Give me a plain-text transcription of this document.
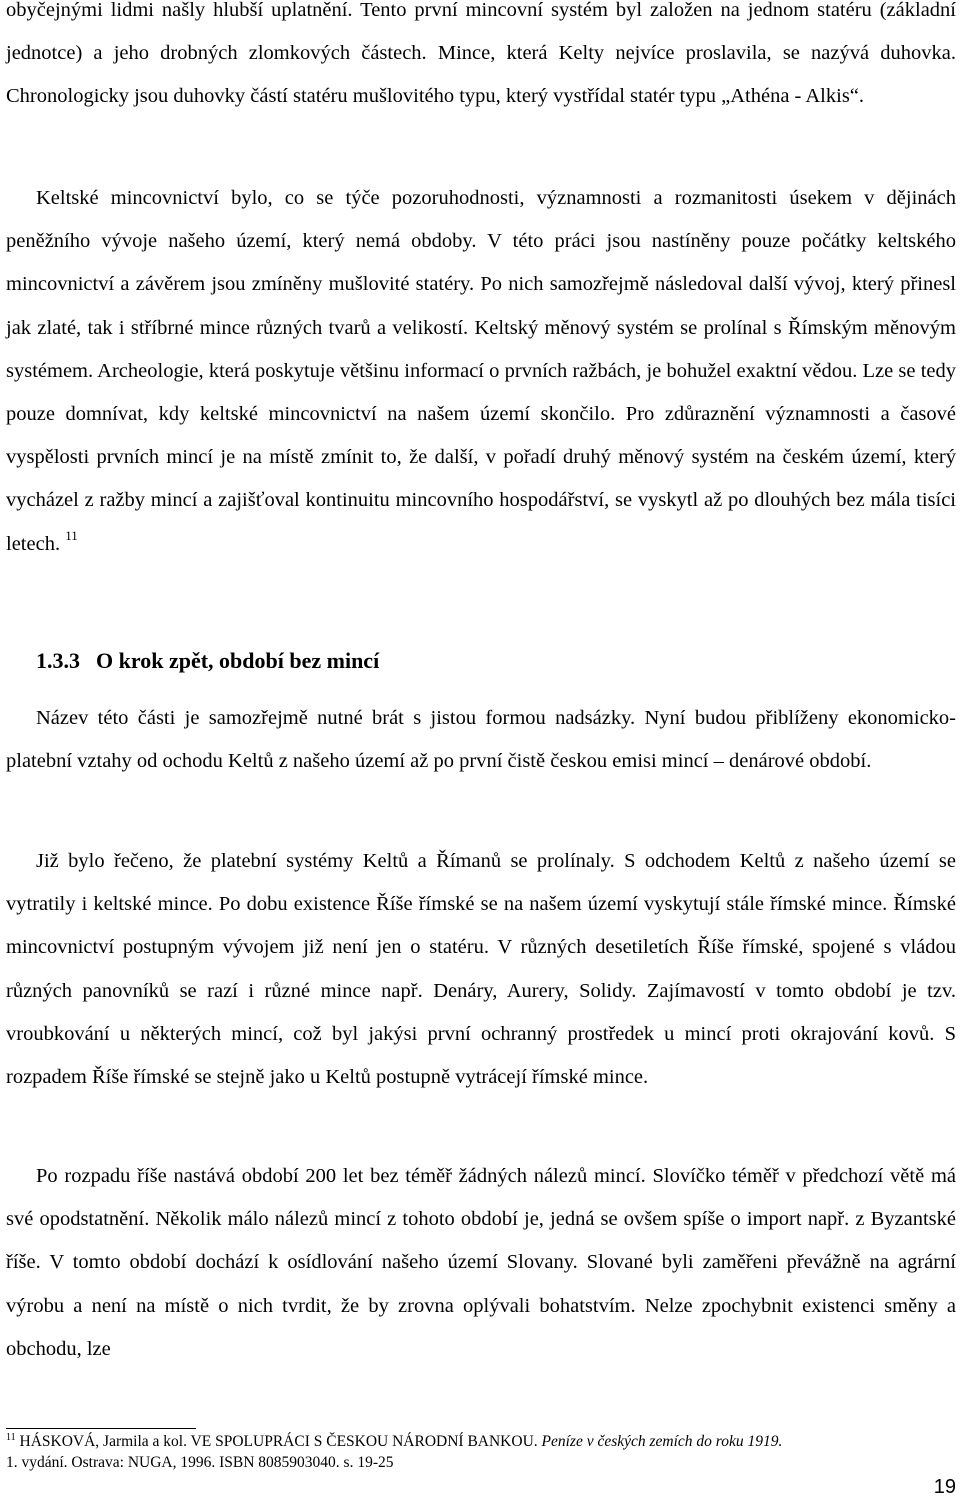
obyčejnými lidmi našly hlubší uplatnění. Tento první mincovní systém byl založen na jednom statéru (základní jednotce) a jeho drobných zlomkových částech. Mince, která Kelty nejvíce proslavila, se nazývá duhovka. Chronologicky jsou duhovky částí statéru mušlovitého typu, který vystřídal statér typu „Athéna - Alkis“.

Keltské mincovnictví bylo, co se týče pozoruhodnosti, významnosti a rozmanitosti úsekem v dějinách peněžního vývoje našeho území, který nemá obdoby. V této práci jsou nastíněny pouze počátky keltského mincovnictví a závěrem jsou zmíněny mušlovité statéry. Po nich samozřejmě následoval další vývoj, který přinesl jak zlaté, tak i stříbrné mince různých tvarů a velikostí. Keltský měnový systém se prolínal s Římským měnovým systémem. Archeologie, která poskytuje většinu informací o prvních ražbách, je bohužel exaktní vědou. Lze se tedy pouze domnívat, kdy keltské mincovnictví na našem území skončilo. Pro zdůraznění významnosti a časové vyspělosti prvních mincí je na místě zmínit to, že další, v pořadí druhý měnový systém na českém území, který vycházel z ražby mincí a zajišťoval kontinuitu mincovního hospodářství, se vyskytl až po dlouhých bez mála tisíci letech. $^{11}$

1.3.3 O krok zpět, období bez mincí

Název této části je samozřejmě nutné brát s jistou formou nadsázky. Nyní budou přiblíženy ekonomicko-platební vztahy od ochodu Keltů z našeho území až po první čistě českou emisi mincí – denárové období.

Již bylo řečeno, že platební systémy Keltů a Římanů se prolínaly. S odchodem Keltů z našeho území se vytratily i keltské mince. Po dobu existence Říše římské se na našem území vyskytují stále římské mince. Římské mincovnictví postupným vývojem již není jen o statéru. V různých desetiletích Říše římské, spojené s vládou různých panovníků se razí i různé mince např. Denáry, Aurery, Solidy. Zajímavostí v tomto období je tzv. vroubkování u některých mincí, což byl jakýsi první ochranný prostředek u mincí proti okrajování kovů. S rozpadem Říše římské se stejně jako u Keltů postupně vytrácejí římské mince.

Po rozpadu říše nastává období 200 let bez téměř žádných nálezů mincí. Slovíčko téměř v předchozí větě má své opodstatnění. Několik málo nálezů mincí z tohoto období je, jedná se ovšem spíše o import např. z Byzantské říše. V tomto období dochází k osídlování našeho území Slovany. Slované byli zaměřeni převážně na agrární výrobu a není na místě o nich tvrdit, že by zrovna oplývali bohatstvím. Nelze zpochybnit existenci směny a obchodu, lze

$^{11}$ HÁSKOVÁ, Jarmila a kol. VE SPOLUPRÁCI S ČESKOU NÁRODNÍ BANKOU. Peníze v českých zemích do roku 1919.
1. vydání. Ostrava: NUGA, 1996. ISBN 8085903040. s. 19-25

19
